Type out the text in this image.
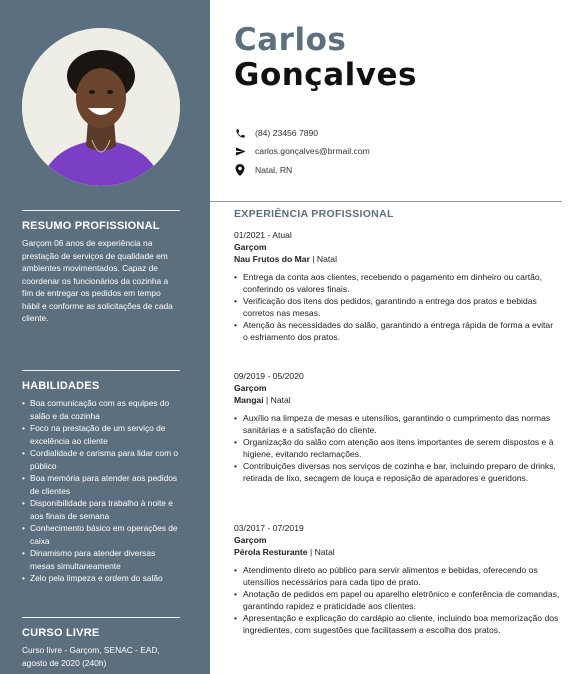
RESUMO PROFISSIONAL
Garçom 06 anos de experiência na prestação de serviços de qualidade em ambientes movimentados. Capaz de coordenar os funcionários da cozinha a fim de entregar os pedidos em tempo hábil e conforme as solicitações de cada cliente.
HABILIDADES
• Boa comunicação com as equipes do salão e da cozinha
• Foco na prestação de um serviço de excelência ao cliente
• Cordialidade e carisma para lidar com o público
• Boa memória para atender aos pedidos de clientes
• Disponibilidade para trabalho à noite e aos finais de semana
• Conhecimento básico em operações de caixa
• Dinamismo para atender diversas mesas simultaneamente
• Zelo pela limpeza e ordem do salão
CURSO LIVRE
Curso livre - Garçom, SENAC - EAD, agosto de 2020 (240h)
Carlos
Gonçalves
(84) 23456 7890
carlos.gonçalves@brmail.com
Natal, RN
EXPERIÊNCIA PROFISSIONAL
01/2021 - Atual
Garçom
Nau Frutos do Mar | Natal
• Entrega da conta aos clientes, recebendo o pagamento em dinheiro ou cartão, conferindo os valores finais.
• Verificação dos itens dos pedidos, garantindo a entrega dos pratos e bebidas corretos nas mesas.
• Atenção às necessidades do salão, garantindo a entrega rápida de forma a evitar o esfriamento dos pratos.
09/2019 - 05/2020
Garçom
Mangai | Natal
• Auxílio na limpeza de mesas e utensílios, garantindo o cumprimento das normas sanitárias e a satisfação do cliente.
• Organização do salão com atenção aos itens importantes de serem dispostos e à higiene, evitando reclamações.
• Contribuições diversas nos serviços de cozinha e bar, incluindo preparo de drinks, retirada de lixo, secagem de louça e reposição de aparadores e gueridons.
03/2017 - 07/2019
Garçom
Pérola Resturante | Natal
• Atendimento direto ao público para servir alimentos e bebidas, oferecendo os utensílios necessários para cada tipo de prato.
• Anotação de pedidos em papel ou aparelho eletrônico e conferência de comandas, garantindo rapidez e praticidade aos clientes.
• Apresentação e explicação do cardápio ao cliente, incluindo boa memorização dos ingredientes, com sugestões que facilitassem a escolha dos pratos.
